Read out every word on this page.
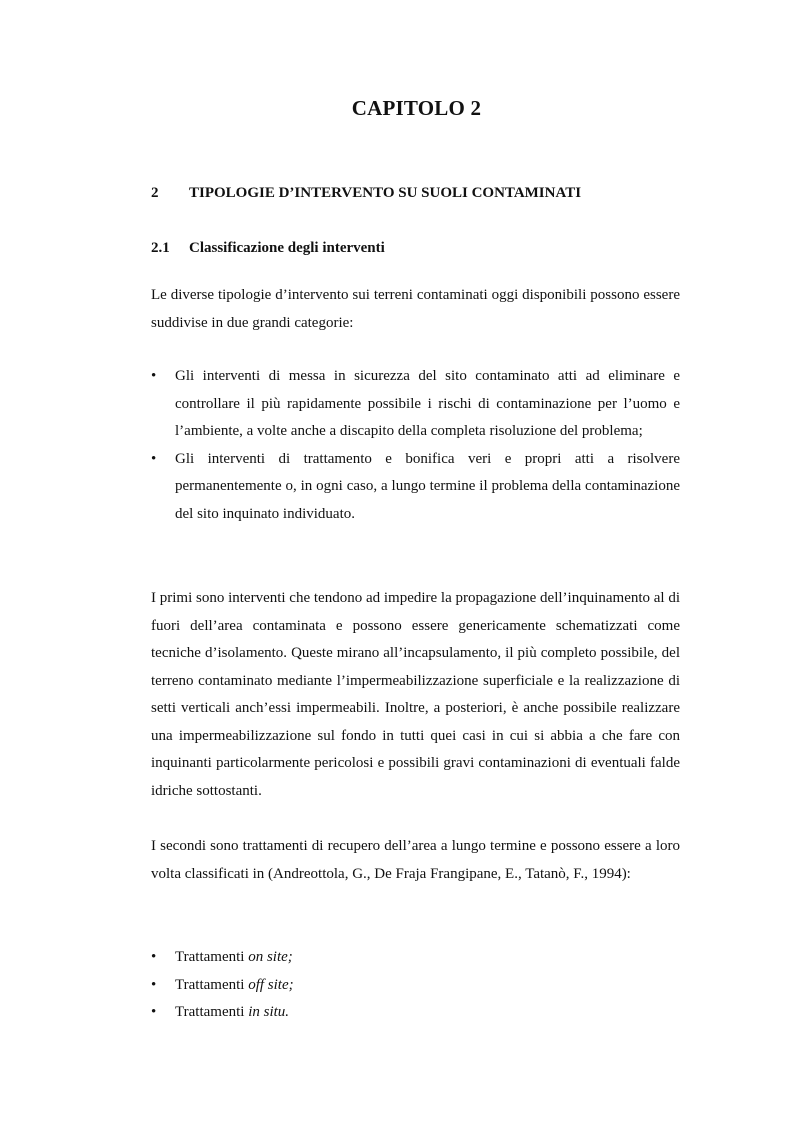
CAPITOLO 2
2 TIPOLOGIE D’INTERVENTO SU SUOLI CONTAMINATI
2.1 Classificazione degli interventi

Le diverse tipologie d’intervento sui terreni contaminati oggi disponibili possono essere suddivise in due grandi categorie:

•	Gli interventi di messa in sicurezza del sito contaminato atti ad eliminare e controllare il più rapidamente possibile i rischi di contaminazione per l’uomo e l’ambiente, a volte anche a discapito della completa risoluzione del problema;
•	Gli interventi di trattamento e bonifica veri e propri atti a risolvere permanentemente o, in ogni caso, a lungo termine il problema della contaminazione del sito inquinato individuato.

I primi sono interventi che tendono ad impedire la propagazione dell’inquinamento al di fuori dell’area contaminata e possono essere genericamente schematizzati come tecniche d’isolamento. Queste mirano all’incapsulamento, il più completo possibile, del terreno contaminato mediante l’impermeabilizzazione superficiale e la realizzazione di setti verticali anch’essi impermeabili. Inoltre, a posteriori, è anche possibile realizzare una impermeabilizzazione sul fondo in tutti quei casi in cui si abbia a che fare con inquinanti particolarmente pericolosi e possibili gravi contaminazioni di eventuali falde idriche sottostanti.

I secondi sono trattamenti di recupero dell’area a lungo termine e possono essere a loro volta classificati in (Andreottola, G., De Fraja Frangipane, E., Tatanò, F., 1994):

•	Trattamenti on site;
•	Trattamenti off site;
•	Trattamenti in situ.
